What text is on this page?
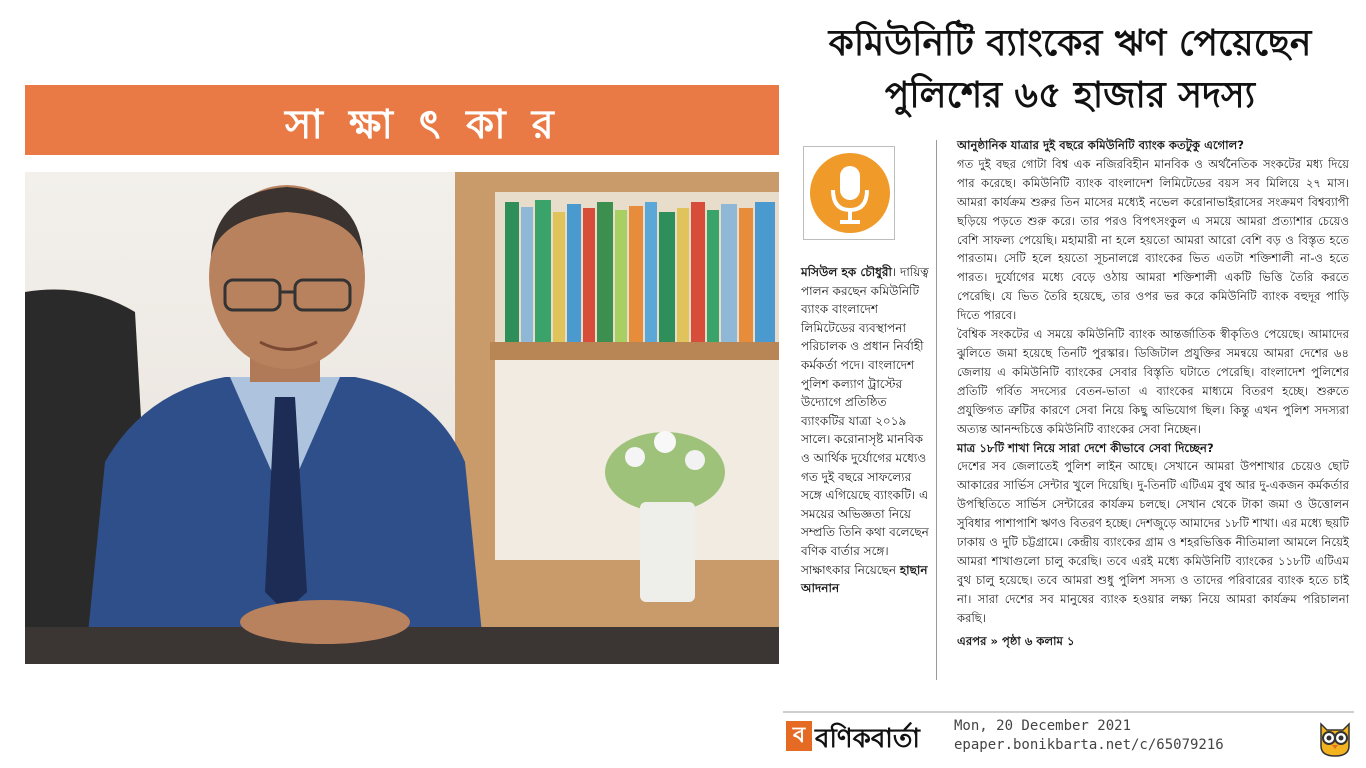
সা ক্ষা ৎ কা র
কমিউনিটি ব্যাংকের ঋণ পেয়েছেন
পুলিশের ৬৫ হাজার সদস্য
মসিউল হক চৌধুরী। দায়িত্ব পালন করছেন কমিউনিটি ব্যাংক বাংলাদেশ লিমিটেডের ব্যবস্থাপনা পরিচালক ও প্রধান নির্বাহী কর্মকর্তা পদে। বাংলাদেশ পুলিশ কল্যাণ ট্রাস্টের উদ্যোগে প্রতিষ্ঠিত ব্যাংকটির যাত্রা ২০১৯ সালে। করোনাসৃষ্ট মানবিক ও আর্থিক দুর্যোগের মধ্যেও গত দুই বছরে সাফল্যের সঙ্গে এগিয়েছে ব্যাংকটি। এ সময়ের অভিজ্ঞতা নিয়ে সম্প্রতি তিনি কথা বলেছেন বণিক বার্তার সঙ্গে। সাক্ষাৎকার নিয়েছেন হাছান আদনান

আনুষ্ঠানিক যাত্রার দুই বছরে কমিউনিটি ব্যাংক কতটুকু এগোল?

গত দুই বছর গোটা বিশ্ব এক নজিরবিহীন মানবিক ও অর্থনৈতিক সংকটের মধ্য দিয়ে পার করেছে। কমিউনিটি ব্যাংক বাংলাদেশ লিমিটেডের বয়স সব মিলিয়ে ২৭ মাস। আমরা কার্যক্রম শুরুর তিন মাসের মধ্যেই নভেল করোনাভাইরাসের সংক্রমণ বিশ্বব্যাপী ছড়িয়ে পড়তে শুরু করে। তার পরও বিপৎসংকুল এ সময়ে আমরা প্রত্যাশার চেয়েও বেশি সাফল্য পেয়েছি। মহামারী না হলে হয়তো আমরা আরো বেশি বড় ও বিস্তৃত হতে পারতাম। সেটি হলে হয়তো সূচনালগ্নে ব্যাংকের ভিত এতটা শক্তিশালী না-ও হতে পারত। দুর্যোগের মধ্যে বেড়ে ওঠায় আমরা শক্তিশালী একটি ভিত্তি তৈরি করতে পেরেছি। যে ভিত তৈরি হয়েছে, তার ওপর ভর করে কমিউনিটি ব্যাংক বহুদূর পাড়ি দিতে পারবে।

বৈশ্বিক সংকটের এ সময়ে কমিউনিটি ব্যাংক আন্তর্জাতিক স্বীকৃতিও পেয়েছে। আমাদের ঝুলিতে জমা হয়েছে তিনটি পুরস্কার। ডিজিটাল প্রযুক্তির সমন্বয়ে আমরা দেশের ৬৪ জেলায় এ কমিউনিটি ব্যাংকের সেবার বিস্তৃতি ঘটাতে পেরেছি। বাংলাদেশ পুলিশের প্রতিটি গর্বিত সদস্যের বেতন-ভাতা এ ব্যাংকের মাধ্যমে বিতরণ হচ্ছে। শুরুতে প্রযুক্তিগত ত্রুটির কারণে সেবা নিয়ে কিছু অভিযোগ ছিল। কিন্তু এখন পুলিশ সদস্যরা অত্যন্ত আনন্দচিত্তে কমিউনিটি ব্যাংকের সেবা নিচ্ছেন।

মাত্র ১৮টি শাখা নিয়ে সারা দেশে কীভাবে সেবা দিচ্ছেন?

দেশের সব জেলাতেই পুলিশ লাইন আছে। সেখানে আমরা উপশাখার চেয়েও ছোট আকারের সার্ভিস সেন্টার খুলে দিয়েছি। দু-তিনটি এটিএম বুথ আর দু-একজন কর্মকর্তার উপস্থিতিতে সার্ভিস সেন্টারের কার্যক্রম চলছে। সেখান থেকে টাকা জমা ও উত্তোলন সুবিধার পাশাপাশি ঋণও বিতরণ হচ্ছে। দেশজুড়ে আমাদের ১৮টি শাখা। এর মধ্যে ছয়টি ঢাকায় ও দুটি চট্টগ্রামে। কেন্দ্রীয় ব্যাংকের গ্রাম ও শহরভিত্তিক নীতিমালা আমলে নিয়েই আমরা শাখাগুলো চালু করেছি। তবে এরই মধ্যে কমিউনিটি ব্যাংকের ১১৮টি এটিএম বুথ চালু হয়েছে। তবে আমরা শুধু পুলিশ সদস্য ও তাদের পরিবারের ব্যাংক হতে চাই না। সারা দেশের সব মানুষের ব্যাংক হওয়ার লক্ষ্য নিয়ে আমরা কার্যক্রম পরিচালনা করছি।

এরপর » পৃষ্ঠা ৬ কলাম ১

ব বণিকবার্তা Mon, 20 December 2021
epaper.bonikbarta.net/c/65079216
